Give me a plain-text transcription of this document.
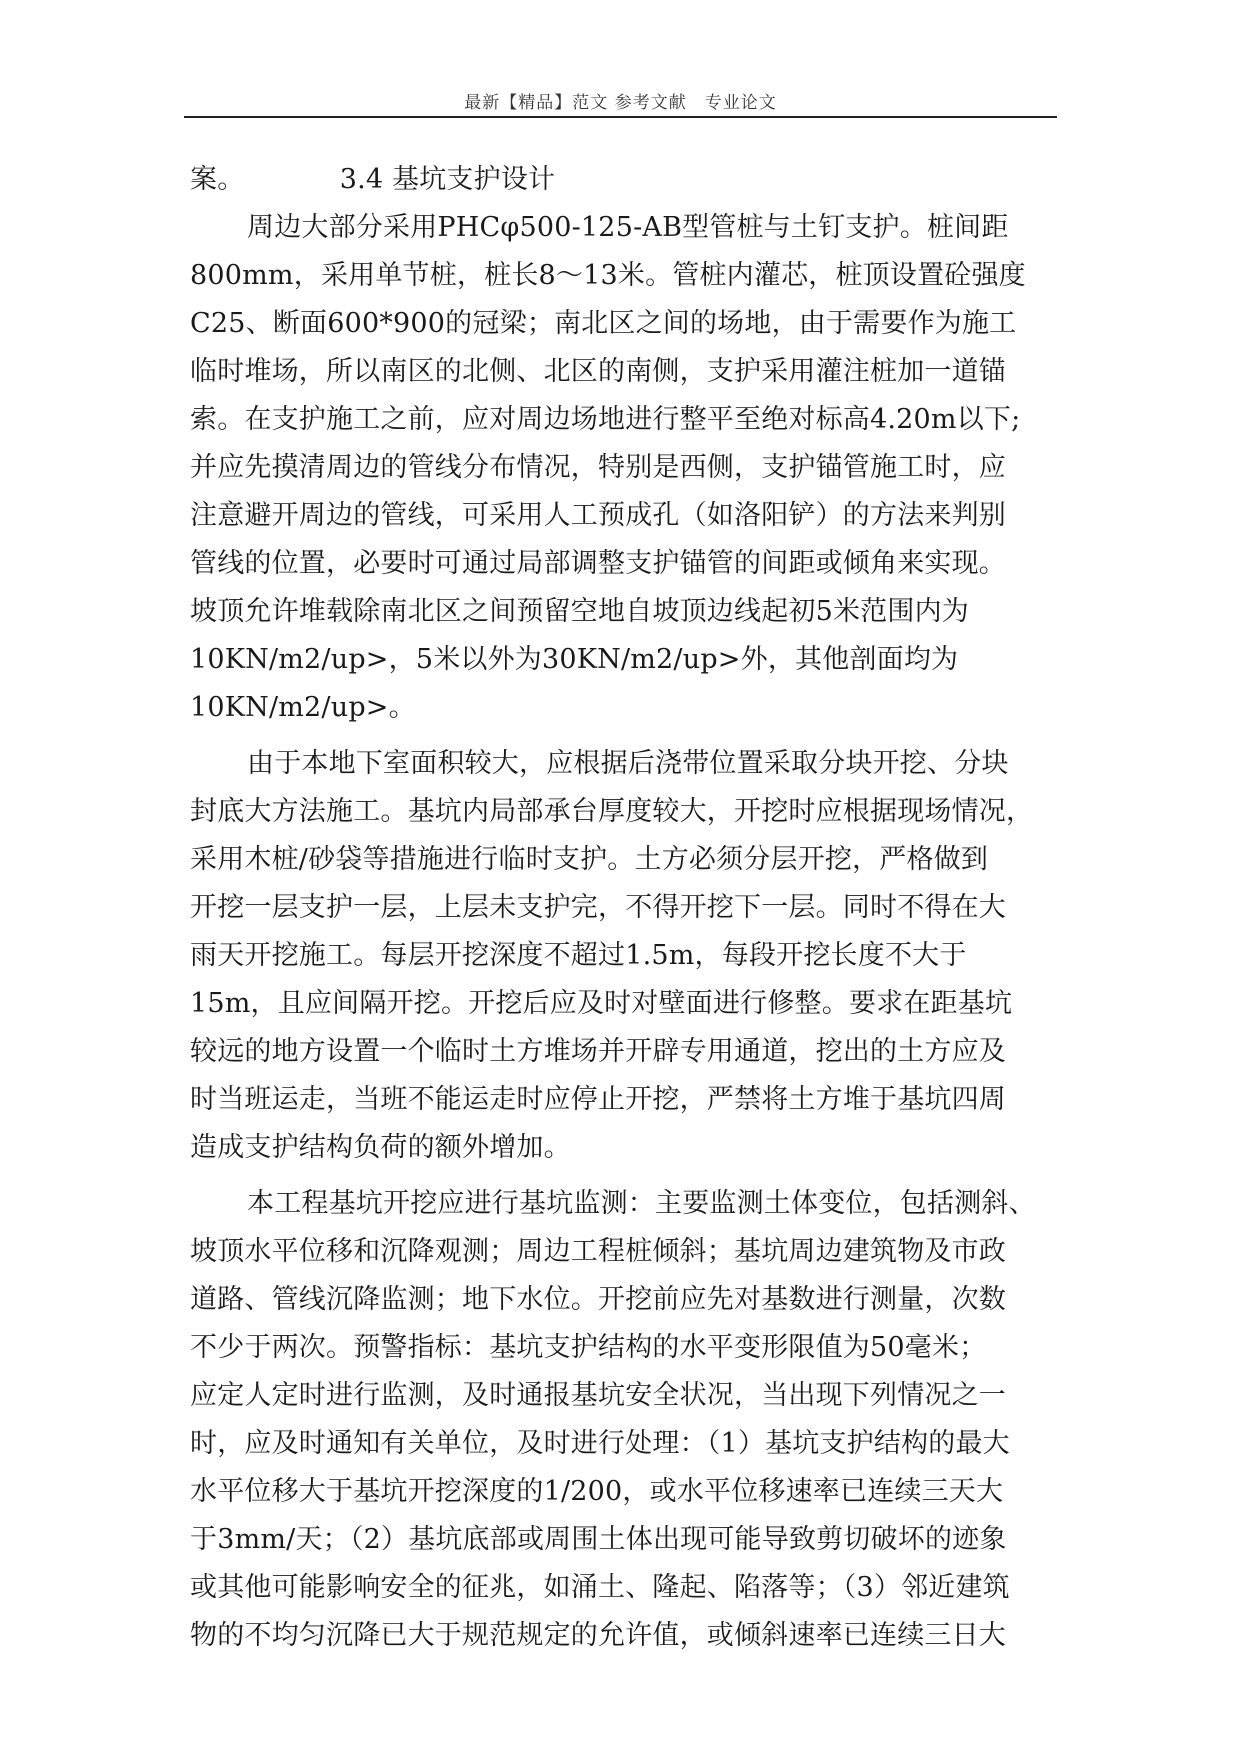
最新【精品】范文 参考文献　专业论文
案。　　　　3.4 基坑支护设计
周边大部分采用PHCφ500-125-AB型管桩与土钉支护。桩间距
800mm，采用单节桩，桩长8～13米。管桩内灌芯，桩顶设置砼强度
C25、断面600*900的冠梁；南北区之间的场地，由于需要作为施工
临时堆场，所以南区的北侧、北区的南侧，支护采用灌注桩加一道锚
索。在支护施工之前，应对周边场地进行整平至绝对标高4.20m以下;
并应先摸清周边的管线分布情况，特别是西侧，支护锚管施工时，应
注意避开周边的管线，可采用人工预成孔（如洛阳铲）的方法来判别
管线的位置，必要时可通过局部调整支护锚管的间距或倾角来实现。
坡顶允许堆载除南北区之间预留空地自坡顶边线起初5米范围内为
10KN/m2/up>，5米以外为30KN/m2/up>外，其他剖面均为
10KN/m2/up>。
由于本地下室面积较大，应根据后浇带位置采取分块开挖、分块
封底大方法施工。基坑内局部承台厚度较大，开挖时应根据现场情况，
采用木桩/砂袋等措施进行临时支护。土方必须分层开挖，严格做到
开挖一层支护一层，上层未支护完，不得开挖下一层。同时不得在大
雨天开挖施工。每层开挖深度不超过1.5m，每段开挖长度不大于
15m，且应间隔开挖。开挖后应及时对壁面进行修整。要求在距基坑
较远的地方设置一个临时土方堆场并开辟专用通道，挖出的土方应及
时当班运走，当班不能运走时应停止开挖，严禁将土方堆于基坑四周
造成支护结构负荷的额外增加。
本工程基坑开挖应进行基坑监测：主要监测土体变位，包括测斜、
坡顶水平位移和沉降观测；周边工程桩倾斜；基坑周边建筑物及市政
道路、管线沉降监测；地下水位。开挖前应先对基数进行测量，次数
不少于两次。预警指标：基坑支护结构的水平变形限值为50毫米；
应定人定时进行监测，及时通报基坑安全状况，当出现下列情况之一
时，应及时通知有关单位，及时进行处理：（1）基坑支护结构的最大
水平位移大于基坑开挖深度的1/200，或水平位移速率已连续三天大
于3mm/天；（2）基坑底部或周围土体出现可能导致剪切破坏的迹象
或其他可能影响安全的征兆，如涌土、隆起、陷落等；（3）邻近建筑
物的不均匀沉降已大于规范规定的允许值，或倾斜速率已连续三日大
